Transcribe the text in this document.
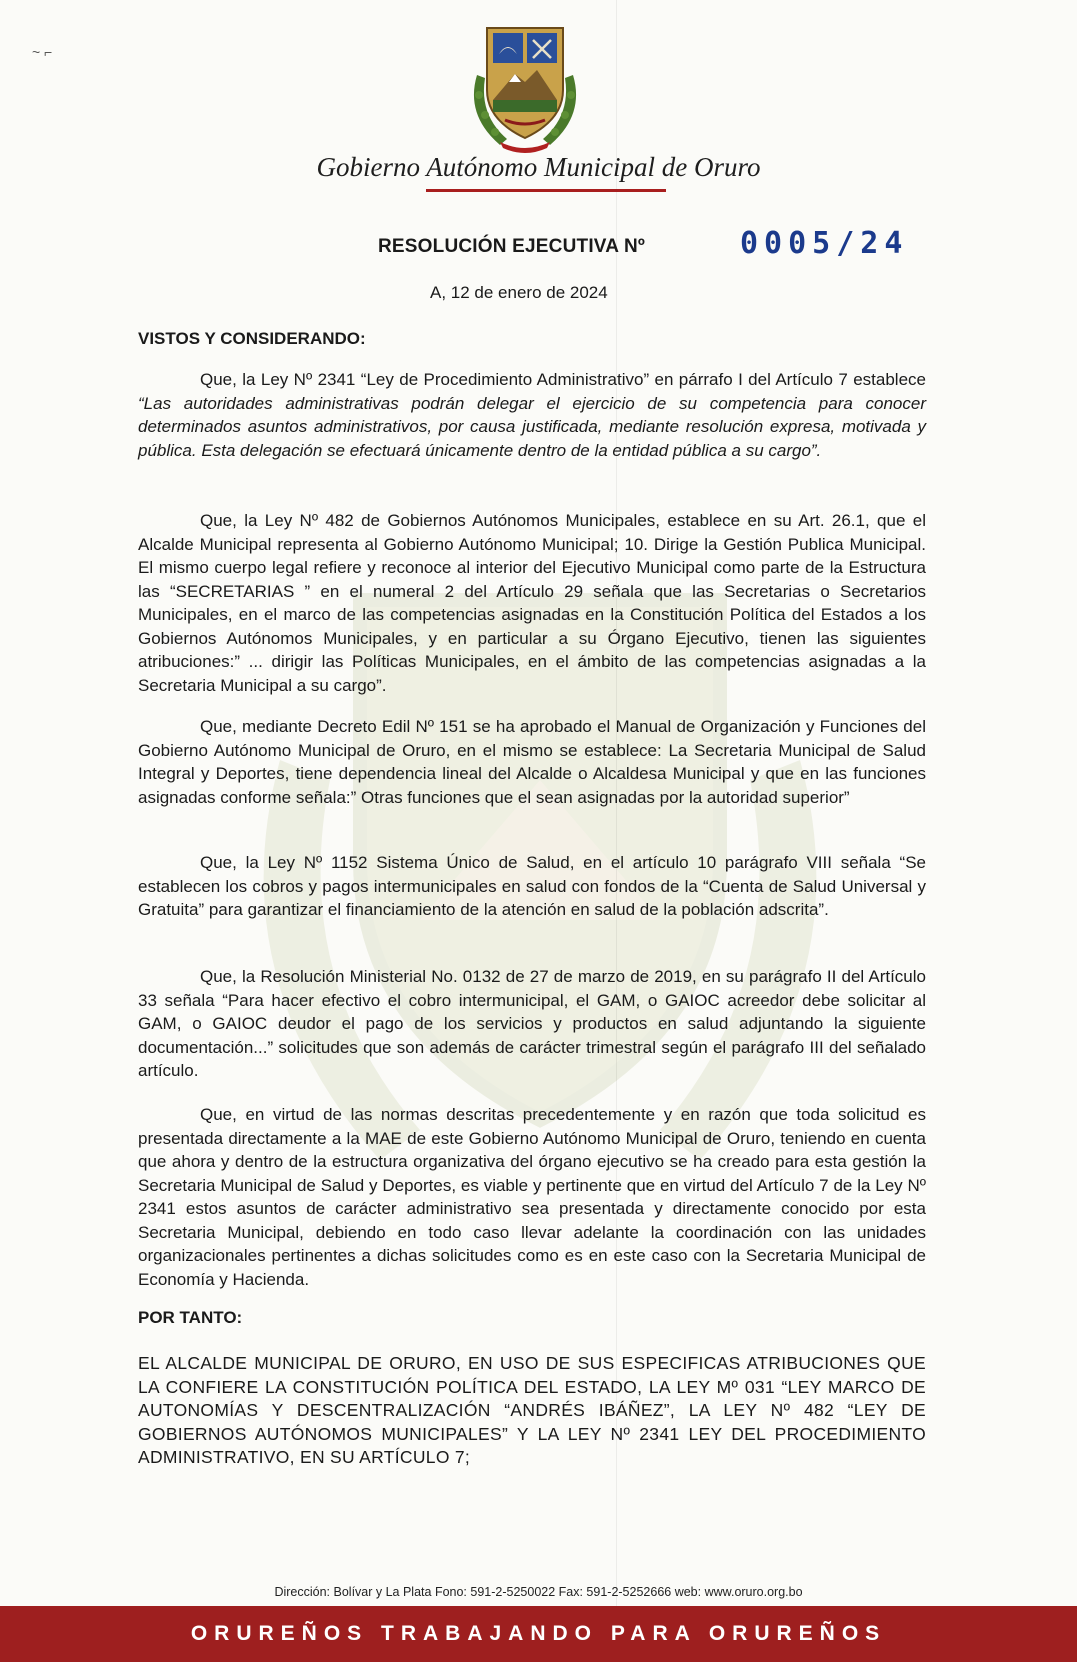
~ ⌐
Gobierno Autónomo Municipal de Oruro
RESOLUCIÓN EJECUTIVA Nº	0005/24
A, 12 de enero de 2024
VISTOS Y CONSIDERANDO:
Que, la Ley Nº 2341 “Ley de Procedimiento Administrativo” en párrafo I del Artículo 7 establece “Las autoridades administrativas podrán delegar el ejercicio de su competencia para conocer determinados asuntos administrativos, por causa justificada, mediante resolución expresa, motivada y pública. Esta delegación se efectuará únicamente dentro de la entidad pública a su cargo”.
Que, la Ley Nº 482 de Gobiernos Autónomos Municipales, establece en su Art. 26.1, que el Alcalde Municipal representa al Gobierno Autónomo Municipal; 10. Dirige la Gestión Publica Municipal. El mismo cuerpo legal refiere y reconoce al interior del Ejecutivo Municipal como parte de la Estructura las “SECRETARIAS ” en el numeral 2 del Artículo 29 señala que las Secretarias o Secretarios Municipales, en el marco de las competencias asignadas en la Constitución Política del Estados a los Gobiernos Autónomos Municipales, y en particular a su Órgano Ejecutivo, tienen las siguientes atribuciones:” ... dirigir las Políticas Municipales, en el ámbito de las competencias asignadas a la Secretaria Municipal a su cargo”.
Que, mediante Decreto Edil Nº 151 se ha aprobado el Manual de Organización y Funciones del Gobierno Autónomo Municipal de Oruro, en el mismo se establece: La Secretaria Municipal de Salud Integral y Deportes, tiene dependencia lineal del Alcalde o Alcaldesa Municipal y que en las funciones asignadas conforme señala:” Otras funciones que el sean asignadas por la autoridad superior”
Que, la Ley Nº 1152 Sistema Único de Salud, en el artículo 10 parágrafo VIII señala “Se establecen los cobros y pagos intermunicipales en salud con fondos de la “Cuenta de Salud Universal y Gratuita” para garantizar el financiamiento de la atención en salud de la población adscrita”.
Que, la Resolución Ministerial No. 0132 de 27 de marzo de 2019, en su parágrafo II del Artículo 33 señala “Para hacer efectivo el cobro intermunicipal, el GAM, o GAIOC acreedor debe solicitar al GAM, o GAIOC deudor el pago de los servicios y productos en salud adjuntando la siguiente documentación...” solicitudes que son además de carácter trimestral según el parágrafo III del señalado artículo.
Que, en virtud de las normas descritas precedentemente y en razón que toda solicitud es presentada directamente a la MAE de este Gobierno Autónomo Municipal de Oruro, teniendo en cuenta que ahora y dentro de la estructura organizativa del órgano ejecutivo se ha creado para esta gestión la Secretaria Municipal de Salud y Deportes, es viable y pertinente que en virtud del Artículo 7 de la Ley Nº 2341 estos asuntos de carácter administrativo sea presentada y directamente conocido por esta Secretaria Municipal, debiendo en todo caso llevar adelante la coordinación con las unidades organizacionales pertinentes a dichas solicitudes como es en este caso con la Secretaria Municipal de Economía y Hacienda.
POR TANTO:
EL ALCALDE MUNICIPAL DE ORURO, EN USO DE SUS ESPECIFICAS ATRIBUCIONES QUE LA CONFIERE LA CONSTITUCIÓN POLÍTICA DEL ESTADO, LA LEY Mº 031 “LEY MARCO DE AUTONOMÍAS Y DESCENTRALIZACIÓN “ANDRÉS IBÁÑEZ”, LA LEY Nº 482 “LEY DE GOBIERNOS AUTÓNOMOS MUNICIPALES” Y LA LEY Nº 2341 LEY DEL PROCEDIMIENTO ADMINISTRATIVO, EN SU ARTÍCULO 7;
Dirección: Bolívar y La Plata Fono: 591-2-5250022 Fax: 591-2-5252666 web: www.oruro.org.bo
ORUREÑOS TRABAJANDO PARA ORUREÑOS
